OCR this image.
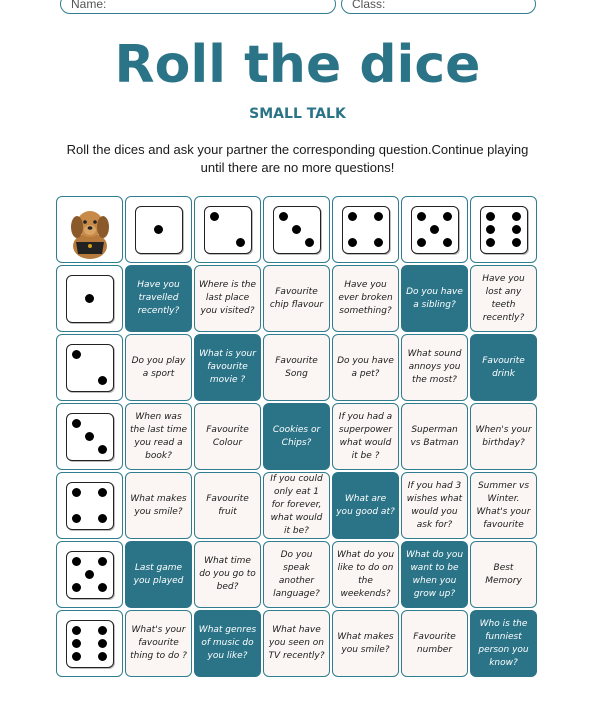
Name:	Class:
Roll the dice
SMALL TALK
Roll the dices and ask your partner the corresponding question.Continue playing until there are no more questions!
Have you travelled recently?
Where is the last place you visited?
Favourite chip flavour
Have you ever broken something?
Do you have a sibling?
Have you lost any teeth recently?
Do you play a sport
What is your favourite movie ?
Favourite Song
Do you have a pet?
What sound annoys you the most?
Favourite drink
When was the last time you read a book?
Favourite Colour
Cookies or Chips?
If you had a superpower what would it be ?
Superman vs Batman
When's your birthday?
What makes you smile?
Favourite fruit
If you could only eat 1 for forever, what would it be?
What are you good at?
If you had 3 wishes what would you ask for?
Summer vs Winter. What's your favourite
Last game you played
What time do you go to bed?
Do you speak another language?
What do you like to do on the weekends?
What do you want to be when you grow up?
Best Memory
What's your favourite thing to do ?
What genres of music do you like?
What have you seen on TV recently?
What makes you smile?
Favourite number
Who is the funniest person you know?
